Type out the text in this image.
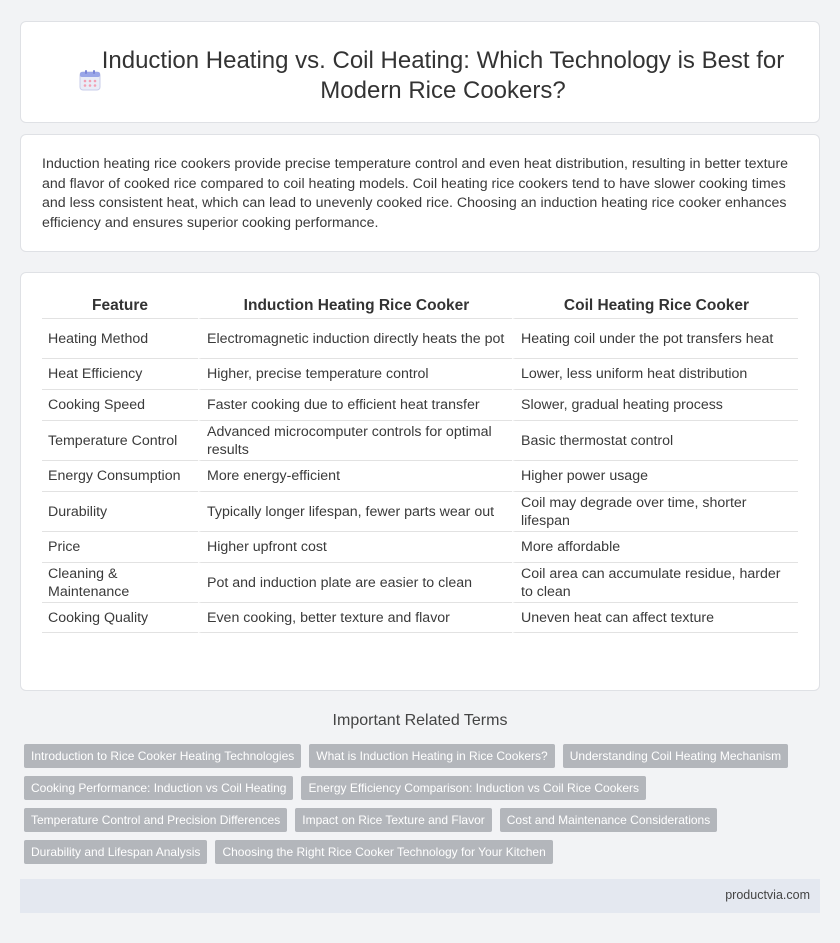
Induction Heating vs. Coil Heating: Which Technology is Best for Modern Rice Cookers?

Induction heating rice cookers provide precise temperature control and even heat distribution, resulting in better texture and flavor of cooked rice compared to coil heating models. Coil heating rice cookers tend to have slower cooking times and less consistent heat, which can lead to unevenly cooked rice. Choosing an induction heating rice cooker enhances efficiency and ensures superior cooking performance.

Feature	Induction Heating Rice Cooker	Coil Heating Rice Cooker
Heating Method	Electromagnetic induction directly heats the pot	Heating coil under the pot transfers heat
Heat Efficiency	Higher, precise temperature control	Lower, less uniform heat distribution
Cooking Speed	Faster cooking due to efficient heat transfer	Slower, gradual heating process
Temperature Control	Advanced microcomputer controls for optimal results	Basic thermostat control
Energy Consumption	More energy-efficient	Higher power usage
Durability	Typically longer lifespan, fewer parts wear out	Coil may degrade over time, shorter lifespan
Price	Higher upfront cost	More affordable
Cleaning & Maintenance	Pot and induction plate are easier to clean	Coil area can accumulate residue, harder to clean
Cooking Quality	Even cooking, better texture and flavor	Uneven heat can affect texture
Important Related Terms
Introduction to Rice Cooker Heating Technologies	What is Induction Heating in Rice Cookers?	Understanding Coil Heating Mechanism
Cooking Performance: Induction vs Coil Heating	Energy Efficiency Comparison: Induction vs Coil Rice Cookers
Temperature Control and Precision Differences	Impact on Rice Texture and Flavor	Cost and Maintenance Considerations
Durability and Lifespan Analysis	Choosing the Right Rice Cooker Technology for Your Kitchen
productvia.com
